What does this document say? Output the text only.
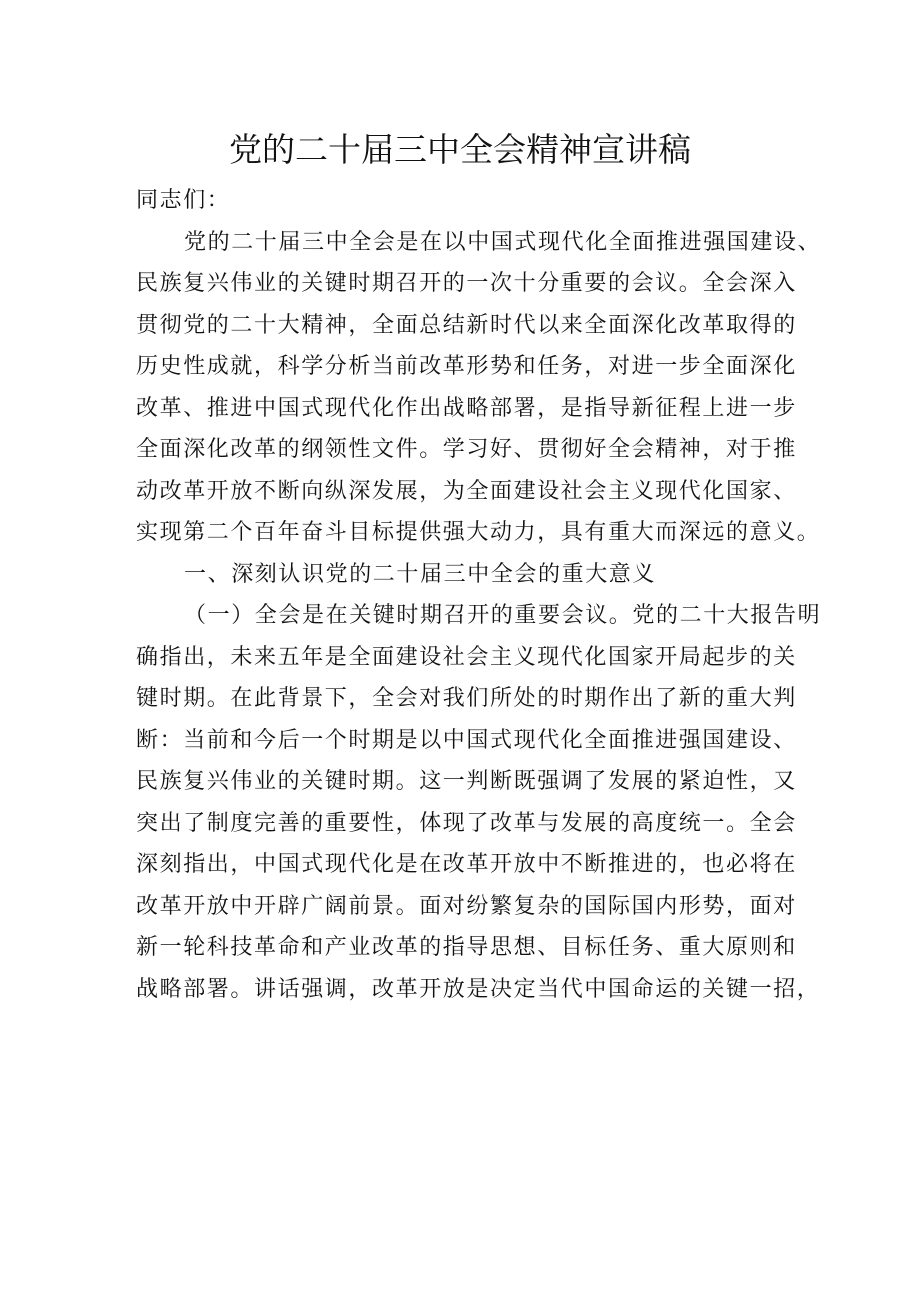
党的二十届三中全会精神宣讲稿
同志们：
党的二十届三中全会是在以中国式现代化全面推进强国建设、
民族复兴伟业的关键时期召开的一次十分重要的会议。全会深入
贯彻党的二十大精神，全面总结新时代以来全面深化改革取得的
历史性成就，科学分析当前改革形势和任务，对进一步全面深化
改革、推进中国式现代化作出战略部署，是指导新征程上进一步
全面深化改革的纲领性文件。学习好、贯彻好全会精神，对于推
动改革开放不断向纵深发展，为全面建设社会主义现代化国家、
实现第二个百年奋斗目标提供强大动力，具有重大而深远的意义。
一、深刻认识党的二十届三中全会的重大意义
（一）全会是在关键时期召开的重要会议。党的二十大报告明
确指出，未来五年是全面建设社会主义现代化国家开局起步的关
键时期。在此背景下，全会对我们所处的时期作出了新的重大判
断：当前和今后一个时期是以中国式现代化全面推进强国建设、
民族复兴伟业的关键时期。这一判断既强调了发展的紧迫性，又
突出了制度完善的重要性，体现了改革与发展的高度统一。全会
深刻指出，中国式现代化是在改革开放中不断推进的，也必将在
改革开放中开辟广阔前景。面对纷繁复杂的国际国内形势，面对
新一轮科技革命和产业改革的指导思想、目标任务、重大原则和
战略部署。讲话强调，改革开放是决定当代中国命运的关键一招，
